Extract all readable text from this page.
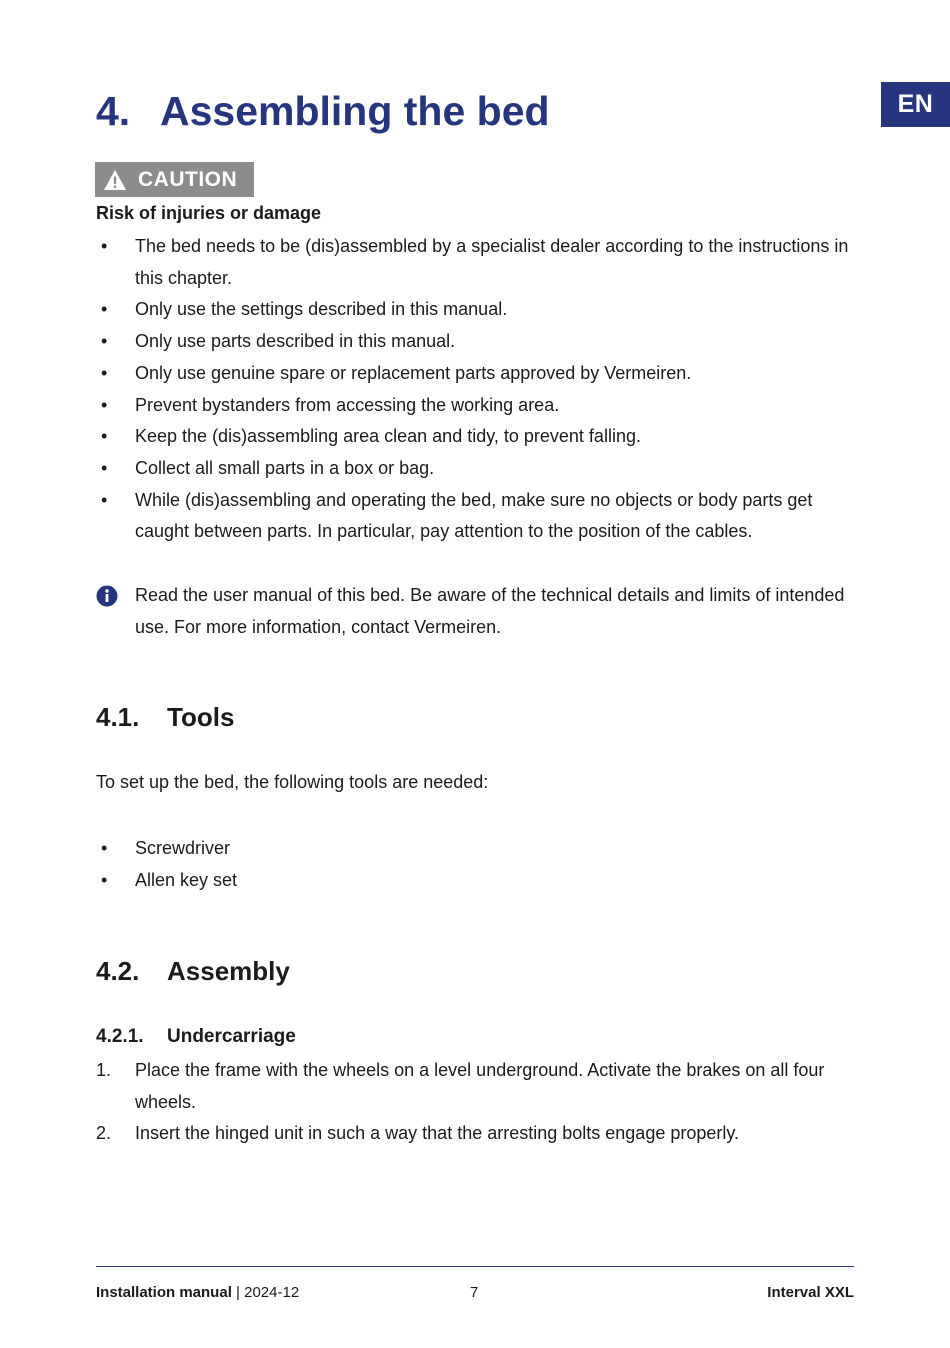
EN
4. Assembling the bed
CAUTION
Risk of injuries or damage
• The bed needs to be (dis)assembled by a specialist dealer according to the instructions in this chapter.
• Only use the settings described in this manual.
• Only use parts described in this manual.
• Only use genuine spare or replacement parts approved by Vermeiren.
• Prevent bystanders from accessing the working area.
• Keep the (dis)assembling area clean and tidy, to prevent falling.
• Collect all small parts in a box or bag.
• While (dis)assembling and operating the bed, make sure no objects or body parts get caught between parts. In particular, pay attention to the position of the cables.

Read the user manual of this bed. Be aware of the technical details and limits of intended use. For more information, contact Vermeiren.

4.1. Tools
To set up the bed, the following tools are needed:
• Screwdriver
• Allen key set
4.2. Assembly
4.2.1. Undercarriage
1. Place the frame with the wheels on a level underground. Activate the brakes on all four wheels.
2. Insert the hinged unit in such a way that the arresting bolts engage properly.
Installation manual | 2024-12	7	Interval XXL
